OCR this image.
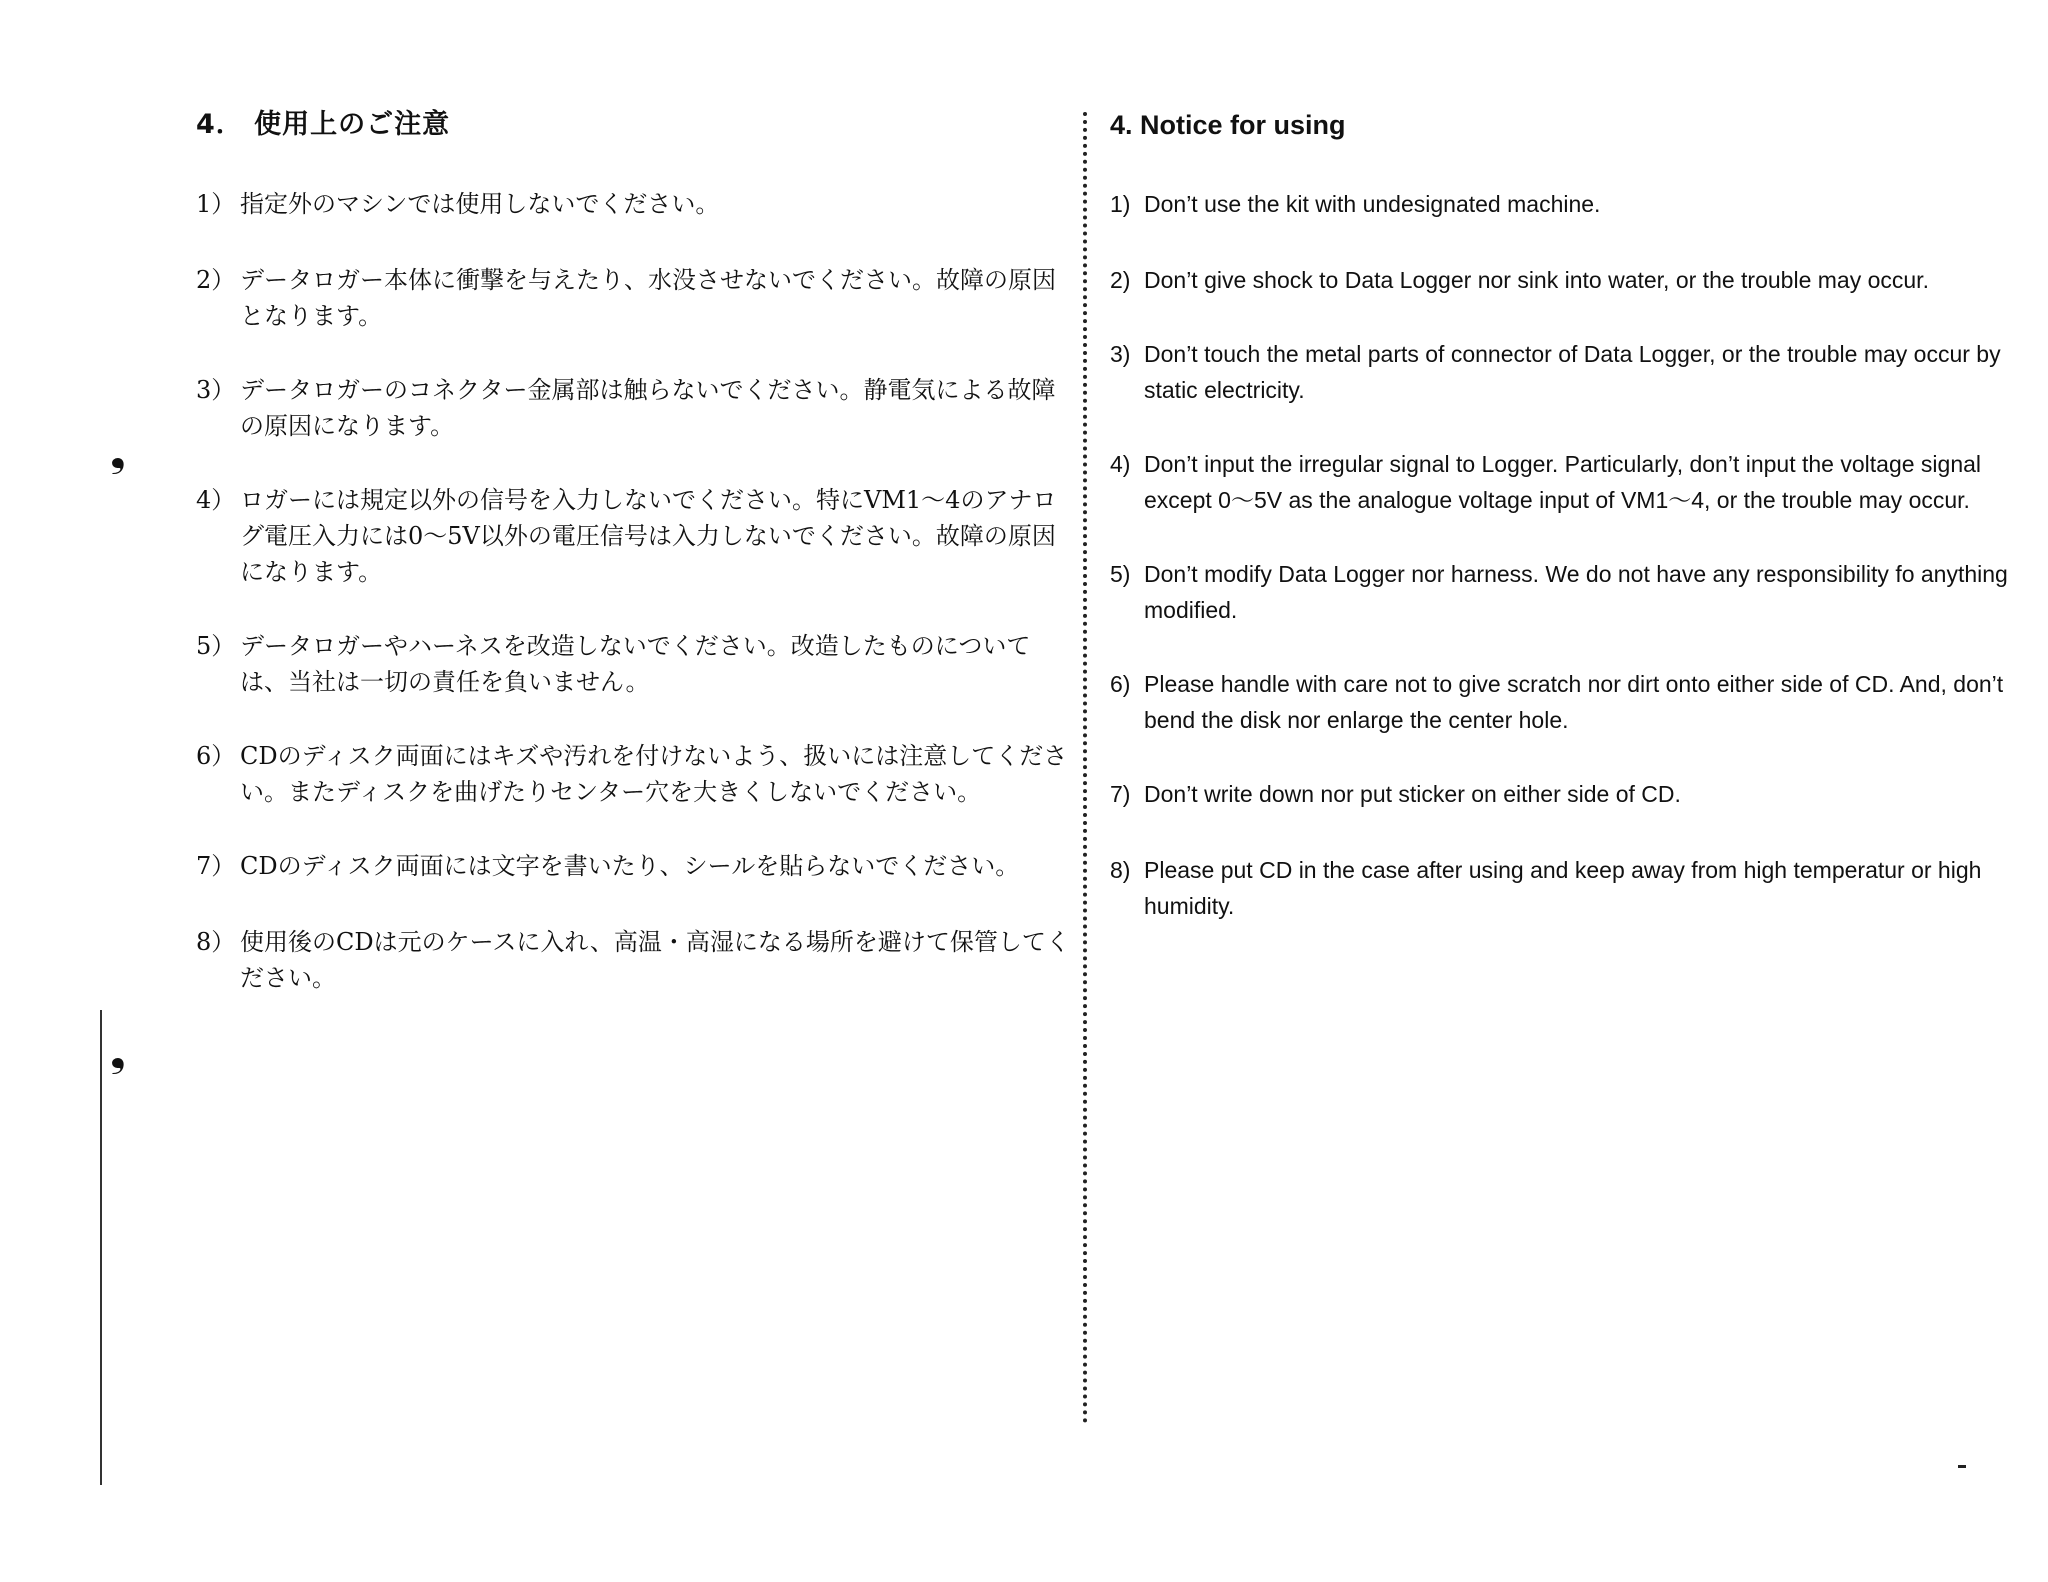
❟
❟
4． 使用上のご注意
1） 指定外のマシンでは使用しないでください。
2） データロガー本体に衝撃を与えたり、水没させないでください。故障の原因となります。
3） データロガーのコネクター金属部は触らないでください。静電気による故障の原因になります。
4） ロガーには規定以外の信号を入力しないでください。特にVM1～4のアナログ電圧入力には0～5V以外の電圧信号は入力しないでください。故障の原因になります。
5） データロガーやハーネスを改造しないでください。改造したものについては、当社は一切の責任を負いません。
6） CDのディスク両面にはキズや汚れを付けないよう、扱いには注意してください。またディスクを曲げたりセンター穴を大きくしないでください。
7） CDのディスク両面には文字を書いたり、シールを貼らないでください。
8） 使用後のCDは元のケースに入れ、高温・高湿になる場所を避けて保管してください。
4. Notice for using
1) Don’t use the kit with undesignated machine.
2) Don’t give shock to Data Logger nor sink into water, or the trouble may occur.
3) Don’t touch the metal parts of connector of Data Logger, or the trouble may occur by static electricity.
4) Don’t input the irregular signal to Logger. Particularly, don’t input the voltage signal except 0～5V as the analogue voltage input of VM1～4, or the trouble may occur.
5) Don’t modify Data Logger nor harness. We do not have any responsibility fo anything modified.
6) Please handle with care not to give scratch nor dirt onto either side of CD. And, don’t bend the disk nor enlarge the center hole.
7) Don’t write down nor put sticker on either side of CD.
8) Please put CD in the case after using and keep away from high temperatur or high humidity.
